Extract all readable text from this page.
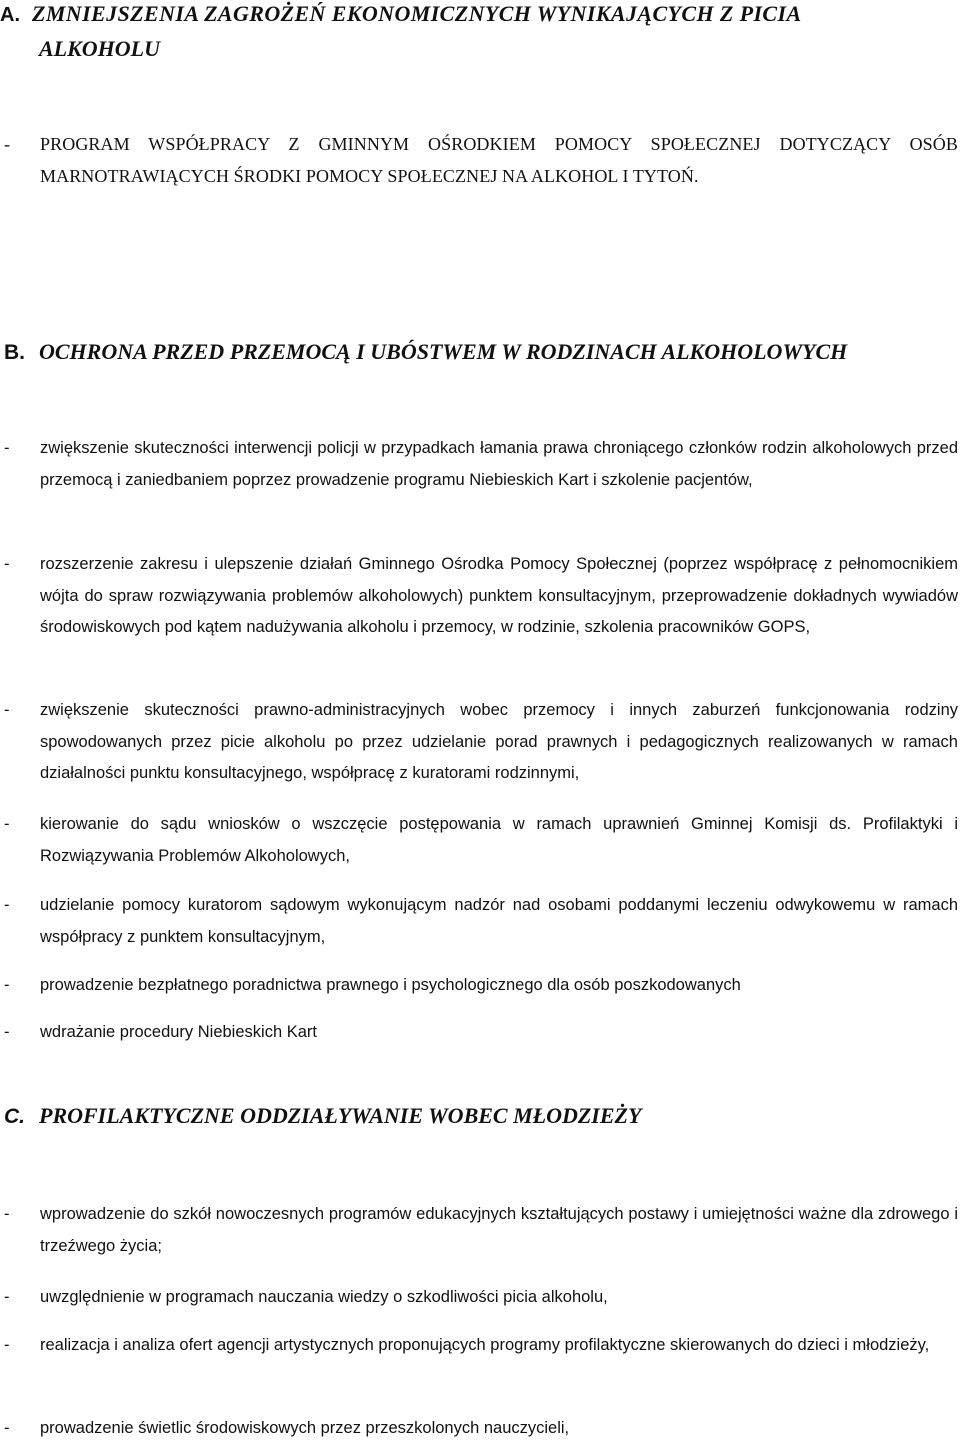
A. ZMNIEJSZENIA ZAGROŻEŃ EKONOMICZNYCH WYNIKAJĄCYCH Z PICIA
ALKOHOLU
- PROGRAM WSPÓŁPRACY Z GMINNYM OŚRODKIEM POMOCY SPOŁECZNEJ DOTYCZĄCY OSÓB MARNOTRAWIĄCYCH ŚRODKI POMOCY SPOŁECZNEJ NA ALKOHOL I TYTOŃ.
B. OCHRONA PRZED PRZEMOCĄ I UBÓSTWEM W RODZINACH ALKOHOLOWYCH
- zwiększenie skuteczności interwencji policji w przypadkach łamania prawa chroniącego członków rodzin alkoholowych przed przemocą i zaniedbaniem poprzez prowadzenie programu Niebieskich Kart i szkolenie pacjentów,
- rozszerzenie zakresu i ulepszenie działań Gminnego Ośrodka Pomocy Społecznej (poprzez współpracę z pełnomocnikiem wójta do spraw rozwiązywania problemów alkoholowych) punktem konsultacyjnym, przeprowadzenie dokładnych wywiadów środowiskowych pod kątem nadużywania alkoholu i przemocy, w rodzinie, szkolenia pracowników GOPS,
- zwiększenie skuteczności prawno-administracyjnych wobec przemocy i innych zaburzeń funkcjonowania rodziny spowodowanych przez picie alkoholu po przez udzielanie porad prawnych i pedagogicznych realizowanych w ramach działalności punktu konsultacyjnego, współpracę z kuratorami rodzinnymi,
- kierowanie do sądu wniosków o wszczęcie postępowania w ramach uprawnień Gminnej Komisji ds. Profilaktyki i Rozwiązywania Problemów Alkoholowych,
- udzielanie pomocy kuratorom sądowym wykonującym nadzór nad osobami poddanymi leczeniu odwykowemu w ramach współpracy z punktem konsultacyjnym,
- prowadzenie bezpłatnego poradnictwa prawnego i psychologicznego dla osób poszkodowanych
- wdrażanie procedury Niebieskich Kart
C. PROFILAKTYCZNE ODDZIAŁYWANIE WOBEC MŁODZIEŻY
- wprowadzenie do szkół nowoczesnych programów edukacyjnych kształtujących postawy i umiejętności ważne dla zdrowego i trzeźwego życia;
- uwzględnienie w programach nauczania wiedzy o szkodliwości picia alkoholu,
- realizacja i analiza ofert agencji artystycznych proponujących programy profilaktyczne skierowanych do dzieci i młodzieży,
- prowadzenie świetlic środowiskowych przez przeszkolonych nauczycieli,
